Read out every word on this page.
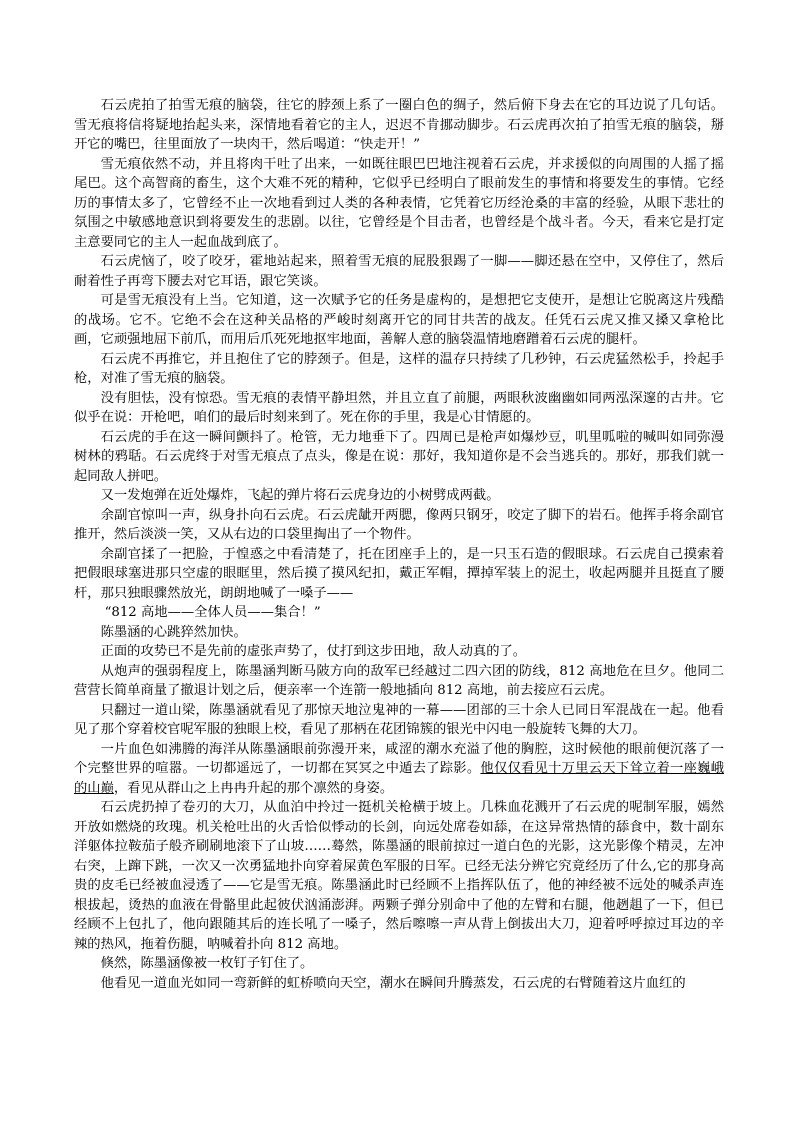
石云虎拍了拍雪无痕的脑袋，往它的脖颈上系了一圈白色的绸子，然后俯下身去在它的耳边说了几句话。雪无痕将信将疑地抬起头来，深情地看着它的主人，迟迟不肯挪动脚步。石云虎再次拍了拍雪无痕的脑袋，掰开它的嘴巴，往里面放了一块肉干，然后喝道：“快走开！”

雪无痕依然不动，并且将肉干吐了出来，一如既往眼巴巴地注视着石云虎，并求援似的向周围的人摇了摇尾巴。这个高智商的畜生，这个大难不死的精种，它似乎已经明白了眼前发生的事情和将要发生的事情。它经历的事情太多了，它曾经不止一次地看到过人类的各种表情，它凭着它历经沧桑的丰富的经验，从眼下悲壮的氛围之中敏感地意识到将要发生的悲剧。以往，它曾经是个目击者，也曾经是个战斗者。今天，看来它是打定主意要同它的主人一起血战到底了。

石云虎恼了，咬了咬牙，霍地站起来，照着雪无痕的屁股狠踢了一脚——脚还悬在空中，又停住了，然后耐着性子再弯下腰去对它耳语，跟它笑谈。

可是雪无痕没有上当。它知道，这一次赋予它的任务是虚构的，是想把它支使开，是想让它脱离这片残酷的战场。它不。它绝不会在这种关品格的严峻时刻离开它的同甘共苦的战友。任凭石云虎又推又搡又拿枪比画，它顽强地屈下前爪，而用后爪死死地抠牢地面，善解人意的脑袋温情地磨蹭着石云虎的腿杆。

石云虎不再推它，并且抱住了它的脖颈子。但是，这样的温存只持续了几秒钟，石云虎猛然松手，拎起手枪，对准了雪无痕的脑袋。

没有胆怯，没有惊恐。雪无痕的表情平静坦然，并且立直了前腿，两眼秋波幽幽如同两泓深邃的古井。它似乎在说：开枪吧，咱们的最后时刻来到了。死在你的手里，我是心甘情愿的。

石云虎的手在这一瞬间颤抖了。枪管，无力地垂下了。四周已是枪声如爆炒豆，叽里呱啦的喊叫如同弥漫树林的鸦聒。石云虎终于对雪无痕点了点头，像是在说：那好，我知道你是不会当逃兵的。那好，那我们就一起同敌人拼吧。

又一发炮弹在近处爆炸，飞起的弹片将石云虎身边的小树劈成两截。

余副官惊叫一声，纵身扑向石云虎。石云虎龇开两腮，像两只钢牙，咬定了脚下的岩石。他挥手将余副官推开，然后淡淡一笑，又从右边的口袋里掏出了一个物件。

余副官揉了一把脸，于惶惑之中看清楚了，托在团座手上的，是一只玉石造的假眼球。石云虎自己摸索着把假眼球塞进那只空虚的眼眶里，然后摸了摸风纪扣，戴正军帽，撢掉军装上的泥土，收起两腿并且挺直了腰杆，那只独眼骤然放光，朗朗地喊了一嗓子——

“812 高地——全体人员——集合！”

陈墨涵的心跳猝然加快。

正面的攻势已不是先前的虚张声势了，仗打到这步田地，敌人动真的了。

从炮声的强弱程度上，陈墨涵判断马陂方向的敌军已经越过二四六团的防线，812 高地危在旦夕。他同二营营长简单商量了撤退计划之后，便亲率一个连箭一般地插向 812 高地，前去接应石云虎。

只翻过一道山梁，陈墨涵就看见了那惊天地泣鬼神的一幕——团部的三十余人已同日军混战在一起。他看见了那个穿着校官呢军服的独眼上校，看见了那柄在花团锦簇的银光中闪电一般旋转飞舞的大刀。

一片血色如沸腾的海洋从陈墨涵眼前弥漫开来，咸涩的潮水充溢了他的胸腔，这时候他的眼前便沉落了一个完整世界的喧嚣。一切都遥远了，一切都在冥冥之中遁去了踪影。他仅仅看见十万里云天下耸立着一座巍峨的山巅，看见从群山之上冉冉升起的那个凛然的身姿。

石云虎扔掉了卷刃的大刀，从血泊中拎过一挺机关枪横于坡上。几株血花溅开了石云虎的呢制军服，嫣然开放如燃烧的玫瑰。机关枪吐出的火舌恰似悸动的长剑，向远处席卷如舔，在这异常热情的舔食中，数十副东洋躯体拉鞍茄子般齐刷刷地滚下了山坡……蓦然，陈墨涵的眼前掠过一道白色的光影，这光影像个精灵，左冲右突，上蹿下跳，一次又一次勇猛地扑向穿着屎黄色军服的日军。已经无法分辨它究竟经历了什么,它的那身高贵的皮毛已经被血浸透了——它是雪无痕。陈墨涵此时已经顾不上指挥队伍了，他的神经被不远处的喊杀声连根拔起，烫热的血液在骨骼里此起彼伏汹涌澎湃。两颗子弹分别命中了他的左臂和右腿，他趔趄了一下，但已经顾不上包扎了，他向跟随其后的连长吼了一嗓子，然后嚓嚓一声从背上倒拔出大刀，迎着呼呼掠过耳边的辛辣的热风，拖着伤腿，呐喊着扑向 812 高地。

倏然，陈墨涵像被一枚钉子钉住了。

他看见一道血光如同一弯新鲜的虹桥喷向天空，潮水在瞬间升腾蒸发，石云虎的右臂随着这片血红的
